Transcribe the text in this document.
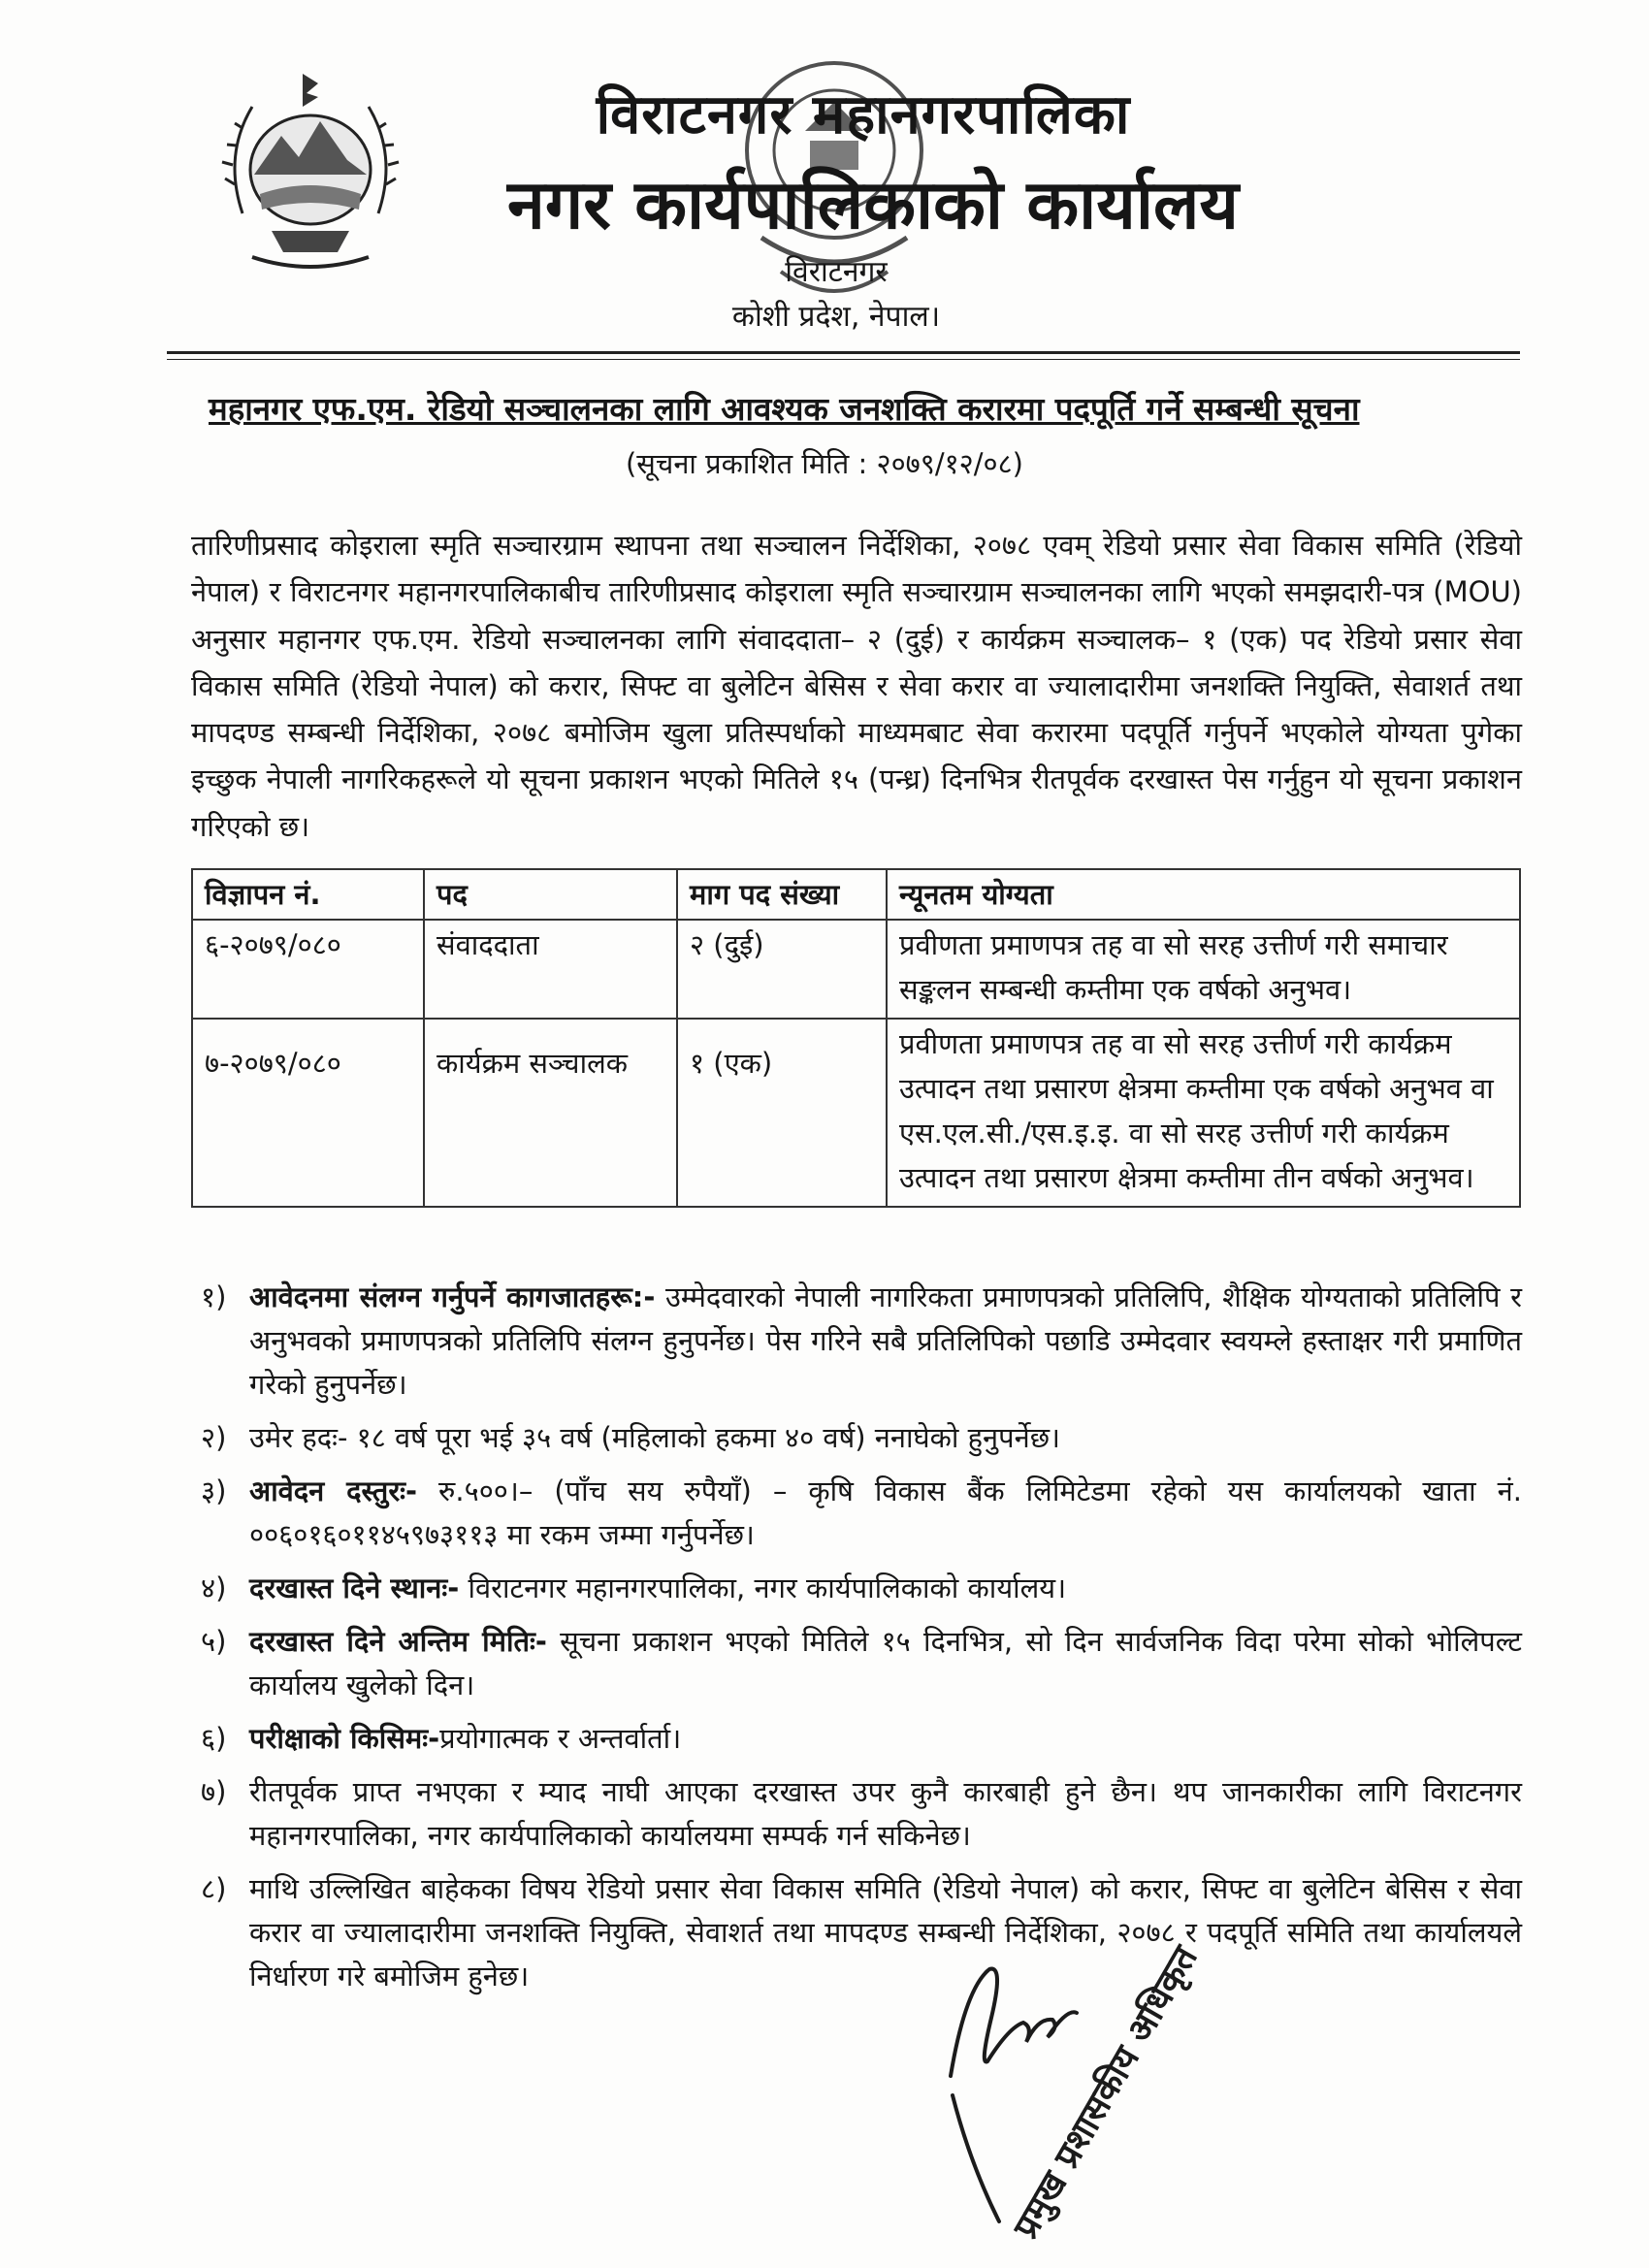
विराटनगर महानगरपालिका
नगर कार्यपालिकाको कार्यालय
विराटनगर
कोशी प्रदेश, नेपाल।
महानगर एफ.एम. रेडियो सञ्चालनका लागि आवश्यक जनशक्ति करारमा पदपूर्ति गर्ने सम्बन्धी सूचना
(सूचना प्रकाशित मिति : २०७९/१२/०८)
तारिणीप्रसाद कोइराला स्मृति सञ्चारग्राम स्थापना तथा सञ्चालन निर्देशिका, २०७८ एवम् रेडियो प्रसार सेवा विकास समिति (रेडियो नेपाल) र विराटनगर महानगरपालिकाबीच तारिणीप्रसाद कोइराला स्मृति सञ्चारग्राम सञ्चालनका लागि भएको समझदारी-पत्र (MOU) अनुसार महानगर एफ.एम. रेडियो सञ्चालनका लागि संवाददाता– २ (दुई) र कार्यक्रम सञ्चालक– १ (एक) पद रेडियो प्रसार सेवा विकास समिति (रेडियो नेपाल) को करार, सिफ्ट वा बुलेटिन बेसिस र सेवा करार वा ज्यालादारीमा जनशक्ति नियुक्ति, सेवाशर्त तथा मापदण्ड सम्बन्धी निर्देशिका, २०७८ बमोजिम खुला प्रतिस्पर्धाको माध्यमबाट सेवा करारमा पदपूर्ति गर्नुपर्ने भएकोले योग्यता पुगेका इच्छुक नेपाली नागरिकहरूले यो सूचना प्रकाशन भएको मितिले १५ (पन्ध्र) दिनभित्र रीतपूर्वक दरखास्त पेस गर्नुहुन यो सूचना प्रकाशन गरिएको छ।
विज्ञापन नं.	पद	माग पद संख्या	न्यूनतम योग्यता
६-२०७९/०८०	संवाददाता	२ (दुई)	प्रवीणता प्रमाणपत्र तह वा सो सरह उत्तीर्ण गरी समाचार सङ्कलन सम्बन्धी कम्तीमा एक वर्षको अनुभव।
७-२०७९/०८०	कार्यक्रम सञ्चालक	१ (एक)	प्रवीणता प्रमाणपत्र तह वा सो सरह उत्तीर्ण गरी कार्यक्रम उत्पादन तथा प्रसारण क्षेत्रमा कम्तीमा एक वर्षको अनुभव वा एस.एल.सी./एस.इ.इ. वा सो सरह उत्तीर्ण गरी कार्यक्रम उत्पादन तथा प्रसारण क्षेत्रमा कम्तीमा तीन वर्षको अनुभव।
१) आवेदनमा संलग्न गर्नुपर्ने कागजातहरू:- उम्मेदवारको नेपाली नागरिकता प्रमाणपत्रको प्रतिलिपि, शैक्षिक योग्यताको प्रतिलिपि र अनुभवको प्रमाणपत्रको प्रतिलिपि संलग्न हुनुपर्नेछ। पेस गरिने सबै प्रतिलिपिको पछाडि उम्मेदवार स्वयम्ले हस्ताक्षर गरी प्रमाणित गरेको हुनुपर्नेछ।
२) उमेर हदः- १८ वर्ष पूरा भई ३५ वर्ष (महिलाको हकमा ४० वर्ष) ननाघेको हुनुपर्नेछ।
३) आवेदन दस्तुरः- रु.५००।– (पाँच सय रुपैयाँ) – कृषि विकास बैंक लिमिटेडमा रहेको यस कार्यालयको खाता नं. ००६०१६०११४५९७३११३ मा रकम जम्मा गर्नुपर्नेछ।
४) दरखास्त दिने स्थानः- विराटनगर महानगरपालिका, नगर कार्यपालिकाको कार्यालय।
५) दरखास्त दिने अन्तिम मितिः- सूचना प्रकाशन भएको मितिले १५ दिनभित्र, सो दिन सार्वजनिक विदा परेमा सोको भोलिपल्ट कार्यालय खुलेको दिन।
६) परीक्षाको किसिमः-प्रयोगात्मक र अन्तर्वार्ता।
७) रीतपूर्वक प्राप्त नभएका र म्याद नाघी आएका दरखास्त उपर कुनै कारबाही हुने छैन। थप जानकारीका लागि विराटनगर महानगरपालिका, नगर कार्यपालिकाको कार्यालयमा सम्पर्क गर्न सकिनेछ।
८) माथि उल्लिखित बाहेकका विषय रेडियो प्रसार सेवा विकास समिति (रेडियो नेपाल) को करार, सिफ्ट वा बुलेटिन बेसिस र सेवा करार वा ज्यालादारीमा जनशक्ति नियुक्ति, सेवाशर्त तथा मापदण्ड सम्बन्धी निर्देशिका, २०७८ र पदपूर्ति समिति तथा कार्यालयले निर्धारण गरे बमोजिम हुनेछ।	प्रमुख प्रशासकीय अधिकृत
